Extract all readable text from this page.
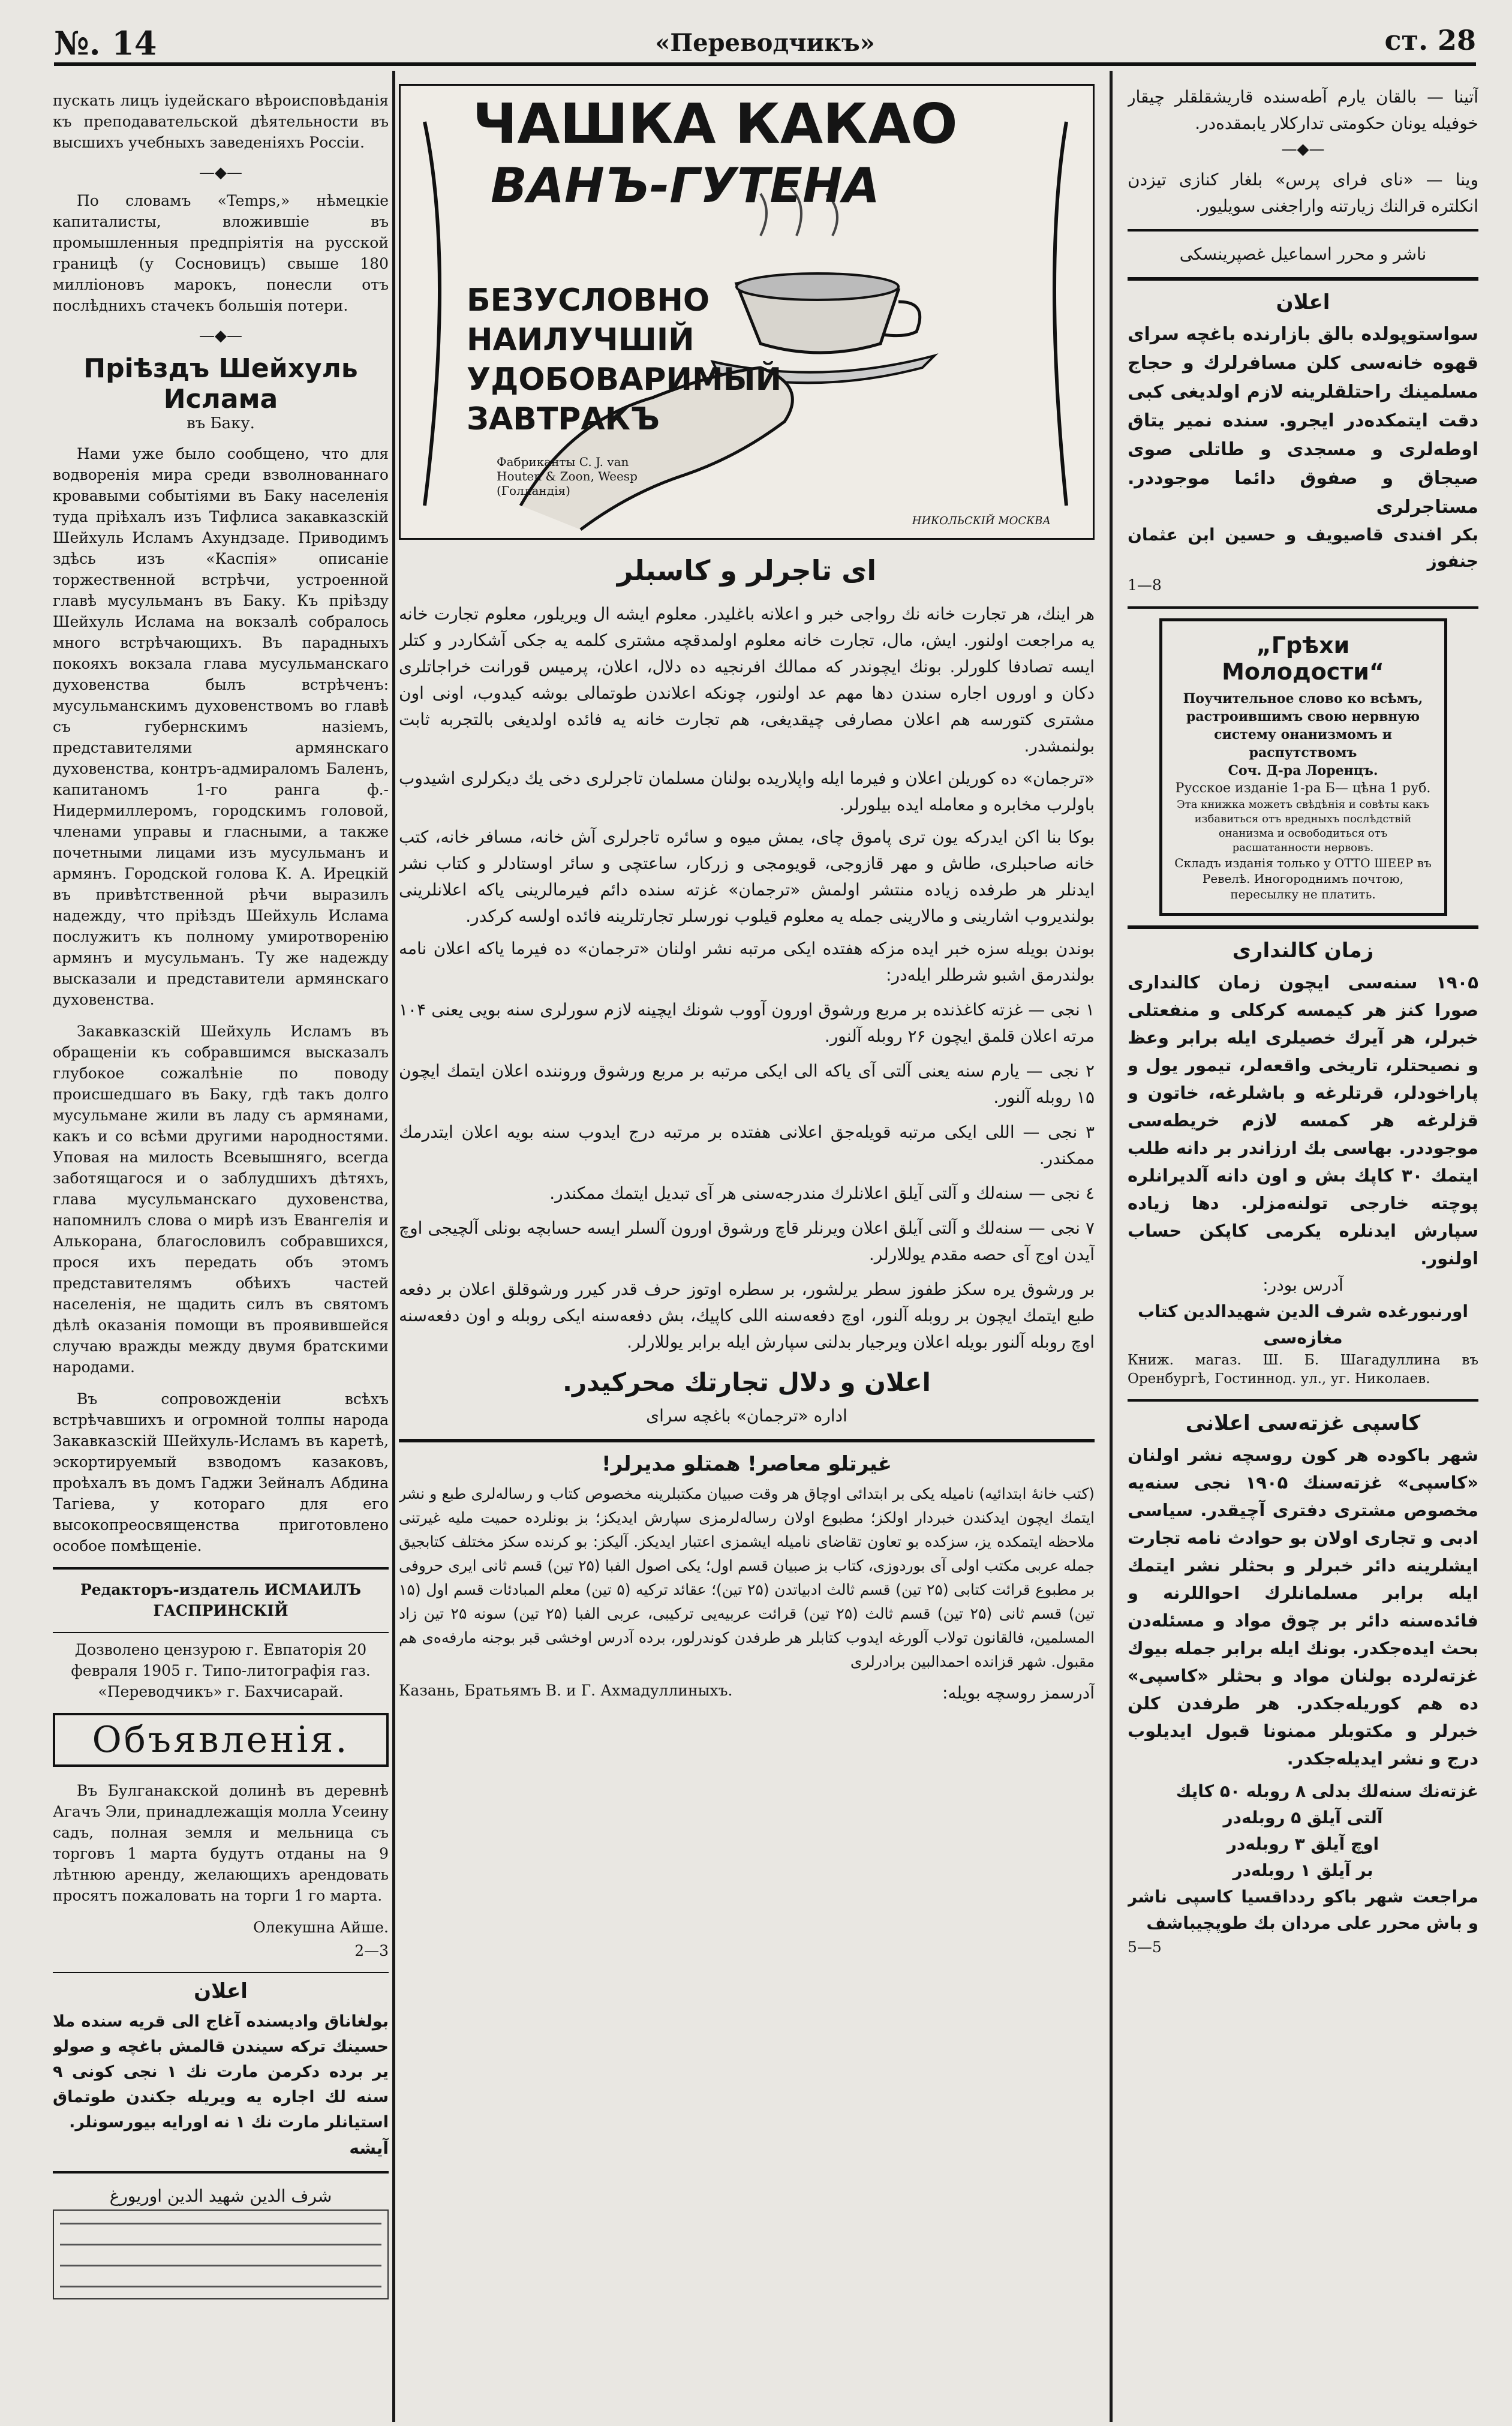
№. 14	«Переводчикъ»	ст. 28

пускать лицъ іудейскаго вѣроисповѣданія къ преподавательской дѣятельности въ высшихъ учебныхъ заведеніяхъ Россіи.

—◆—

По словамъ «Temps,» нѣмецкіе капиталисты, вложившіе въ промышленныя предпріятія на русской границѣ (у Сосновицъ) свыше 180 милліоновъ марокъ, понесли отъ послѣднихъ стачекъ большія потери.

—◆—
Пріѣздъ Шейхуль Ислама
въ Баку.

Нами уже было сообщено, что для водворенія мира среди взволнованнаго кровавыми событіями въ Баку населенія туда пріѣхалъ изъ Тифлиса закавказскій Шейхуль Исламъ Ахундзаде. Приводимъ здѣсь изъ «Каспія» описаніе торжественной встрѣчи, устроенной главѣ мусульманъ въ Баку. Къ пріѣзду Шейхуль Ислама на вокзалѣ собралось много встрѣчающихъ. Въ парадныхъ покояхъ вокзала глава мусульманскаго духовенства былъ встрѣченъ: мусульманскимъ духовенствомъ во главѣ съ губернскимъ назіемъ, представителями армянскаго духовенства, контръ-адмираломъ Баленъ, капитаномъ 1-го ранга ф.-Нидермиллеромъ, городскимъ головой, членами управы и гласными, а также почетными лицами изъ мусульманъ и армянъ. Городской голова К. А. Ирецкій въ привѣтственной рѣчи выразилъ надежду, что пріѣздъ Шейхуль Ислама послужитъ къ полному умиротворенію армянъ и мусульманъ. Ту же надежду высказали и представители армянскаго духовенства.

Закавказскій Шейхуль Исламъ въ обращеніи къ собравшимся высказалъ глубокое сожалѣніе по поводу происшедшаго въ Баку, гдѣ такъ долго мусульмане жили въ ладу съ армянами, какъ и со всѣми другими народностями. Уповая на милость Всевышняго, всегда заботящагося и о заблудшихъ дѣтяхъ, глава мусульманскаго духовенства, напомнилъ слова о мирѣ изъ Евангелія и Алькорана, благословилъ собравшихся, прося ихъ передать объ этомъ представителямъ обѣихъ частей населенія, не щадить силъ въ святомъ дѣлѣ оказанія помощи въ проявившейся случаю вражды между двумя братскими народами.

Въ сопровожденіи всѣхъ встрѣчавшихъ и огромной толпы народа Закавказскій Шейхуль-Исламъ въ каретѣ, эскортируемый взводомъ казаковъ, проѣхалъ въ домъ Гаджи Зейналъ Абдина Тагіева, у котораго для его высокопреосвященства приготовлено особое помѣщеніе.

Редакторъ-издатель ИСМАИЛЪ ГАСПРИНСКІЙ

Дозволено цензурою г. Евпаторія 20 февраля 1905 г. Типо-литографія газ. «Переводчикъ» г. Бахчисарай.

Объявленія.

Въ Булганакской долинѣ въ деревнѣ Агачъ Эли, принадлежащія молла Усеину садъ, полная земля и мельница съ торговъ 1 марта будутъ отданы на 9 лѣтнюю аренду, желающихъ арендовать просятъ пожаловать на торги 1 го марта.

Олекушна Айше.

2—3

اعلان

بولغاناق وادیسنده آغاج الی قریه سنده ملا حسینك ترکه سیندن قالمش باغچه و صولو یر برده دکرمن مارت نك ۱ نجی کونی ۹ سنه لك اجاره یه ویریله جکندن طوتماق استیانلر مارت نك ۱ نه اورایه بیورسونلر.

آیشه

شرف الدين شهيد الدين اوريورغ

ЧАШКА КАКАО
ВАНЪ-ГУТЕНА
БЕЗУСЛОВНО
НАИЛУЧШІЙ
УДОБОВАРИМЫЙ
ЗАВТРАКЪ
Фабриканты C. J. van Houten & Zoon, Weesp (Голландія)
НИКОЛЬСКІЙ МОСКВА
ای تاجرلر و کاسبلر

هر اینك، هر تجارت خانه نك رواجی خبر و اعلانه باغلیدر. معلوم ایشه ال ویریلور، معلوم تجارت خانه یه مراجعت اولنور. ایش، مال، تجارت خانه معلوم اولمدقچه مشتری کلمه یه جکی آشکاردر و کتلر ایسه تصادفا کلورلر. بونك ایچوندر که ممالك افرنجیه ده دلال، اعلان، پرمیس قورانت خراجاتلری دکان و اوروں اجاره سندن دها مهم عد اولنور، چونکه اعلاندن طوتمالی بوشه کیدوب، اونی اون مشتری کتورسه هم اعلان مصارفی چیقدیغی، هم تجارت خانه یه فائده اولدیغی بالتجربه ثابت بولنمشدر.

«ترجمان» ده کوریلن اعلان و فیرما ایله واپلاریده بولنان مسلمان تاجرلری دخی یك دیکرلری اشیدوب باولرب مخابره و معامله ایده بیلورلر.

بوکا بنا اکن ایدرکه یون تری پاموق چای، یمش میوه و سائره تاجرلری آش خانه، مسافر خانه، کتب خانه صاحبلری، طاش و مهر قازوجی، قویومجی و زرکار، ساعتچی و سائر اوستادلر و کتاب نشر ایدنلر هر طرفده زیاده منتشر اولمش «ترجمان» غزته سنده دائم فیرمالرینی یاکه اعلانلرینی بولندیروب اشارینی و مالارینی جمله یه معلوم قیلوب نورسلر تجارتلرینه فائده اولسه کرکدر.

بوندن بویله سزه خبر ایده مزکه هفتده ایکی مرتبه نشر اولنان «ترجمان» ده فیرما یاکه اعلان نامه بولندرمق اشبو شرطلر ایله‌در:

۱ نجی — غزته کاغذنده بر مربع ورشوق اورون آووب شونك ایچینه لازم سورلری سنه بویی یعنی ۱۰۴ مرته اعلان قلمق ایچون ۲۶ روبله آلنور.

۲ نجی — یارم سنه یعنی آلتی آی یاکه الی ایکی مرتبه بر مربع ورشوق وروننده اعلان ایتمك ایچون ۱۵ روبله آلنور.

۳ نجی — اللی ایکی مرتبه قویله‌جق اعلانی هفتده بر مرتبه درج ایدوب سنه بویه اعلان ایتدرمك ممکندر.

٤ نجی — سنه‌لك و آلتی آیلق اعلانلرك مندرجه‌سنی هر آی تبدیل ایتمك ممکندر.

۷ نجی — سنه‌لك و آلتی آیلق اعلان ویرنلر قاچ ورشوق اورون آلسلر ایسه حسابچه بونلی آلچیجی اوچ آیدن اوج آی حصه مقدم یوللارلر.

بر ورشوق یره سکز طفوز سطر یرلشور، بر سطره اوتوز حرف قدر کیرر ورشوقلق اعلان بر دفعه طبع ایتمك ایچون بر روبله آلنور، اوچ دفعه‌سنه اللی کاپیك، بش دفعه‌سنه ایکی روبله و اون دفعه‌سنه اوچ روبله آلنور بویله اعلان ویرجیار بدلنی سپارش ایله برابر یوللارلر.

اعلان و دلال تجارتك محرکیدر.

اداره «ترجمان» باغچه سرای

غیرتلو معاصر! همتلو مدیرلر!

(کتب خانهٔ ابتدائیه) نامیله یکی بر ابتدائی اوچاق هر وقت صبیان مکتبلرینه مخصوص کتاب و رساله‌لری طبع و نشر ایتمك ایچون ایدکندن خبردار اولکز؛ مطبوع اولان رساله‌لرمزی سپارش ایدیکز؛ بز بونلرده حمیت ملیه غیرتنی ملاحظه ایتمکده یز، سزکده بو تعاون تقاضای نامیله ایشمزی اعتبار ایدیکز. آلیکز: بو کرنده سکز مختلف کتابجیق جمله عربی مکتب اولی آی بوردوزی، کتاب بز صبیان قسم اول؛ یکی اصول الفبا (۲۵ تین) قسم ثانی ایری حروفی بر مطبوع قرائت کتابی (۲۵ تین) قسم ثالث ادبیاتدن (۲۵ تین)؛ عقائد ترکیه (۵ تین) معلم المبادئات قسم اول (۱۵ تین) قسم ثانی (۲۵ تین) قسم ثالث (۲۵ تین) قرائت عربیه‌یی ترکیبی، عربی الفبا (۲۵ تین) سونه ۲۵ تین زاد المسلمین، فالقانون تولاب آلورغه ایدوب کتابلر هر طرفدن کوندرلور، برده آدرس اوخشی قبر بوجنه مارفه‌ه‌ی هم مقبول. شهر قزانده احمدالبین برادرلری

Казань, Братьямъ В. и Г. Ахмадуллиныхъ.	آدرسمز روسچه بویله:

آتینا — بالقان یارم آطه‌سنده قاریشقلقلر چیقار خوفیله یونان حکومتی تدارکلار یابمقده‌در.

—◆—

وینا — «نای فرای پرس» بلغار کنازی تیزدن انکلتره قرالنك زیارتنه واراجغنی سویلیور.

ناشر و محرر اسماعیل غصپرینسکی

اعلان

سواستوپولده بالق بازارنده باغچه سرای قهوه خانه‌سی کلن مسافرلرك و حجاج مسلمینك راحتلقلرینه لازم اولدیغی کبی دقت ایتمکده‌در ایجرو. سنده نمیر یتاق اوطه‌لری و مسجدی و طاتلی صوی صیجاق و صفوق دائما موجوددر. مستاجرلری

بکر افندی قاصیویف و حسین ابن عثمان جنفوز

1—8

„Грѣхи Молодости“
Поучительное слово ко всѣмъ, растроившимъ свою нервную систему онанизмомъ и распутствомъ
Соч. Д-ра Лоренцъ.
Русское изданіе 1-ра Б— цѣна 1 руб.
Эта книжка можетъ свѣдѣнія и совѣты какъ избавиться отъ вредныхъ послѣдствій онанизма и освободиться отъ расшатанности нервовъ.
Складъ изданія только у ОТТО ШЕЕР въ Ревелѣ. Иногороднимъ почтою, пересылку не платить.
زمان کالنداری

۱۹۰۵ سنه‌سی ایچون زمان کالنداری صورا کنز هر کیمسه کرکلی و منفعتلی خبرلر، هر آیرك خصیلری ایله برابر وعظ و نصیحتلر، تاریخی واقعه‌لر، تیمور یول و پاراخودلر، قرتلرغه و باشلرغه، خاتون و قزلرغه هر کمسه لازم خریطه‌سی موجوددر. بهاسی بك ارزاندر بر دانه طلب ایتمك ۳۰ کاپك بش و اون دانه آلدیرانلره پوچته خارجی تولنه‌مزلر. دها زیاده سپارش ایدنلره یکرمی کاپکن حساب اولنور.

آدرس بودر:

اورنبورغده شرف الدین شهیدالدین کتاب مغازه‌سی

Книж. магаз. Ш. Б. Шагадуллина въ Оренбургѣ, Гостиннод. ул., уг. Николаев.

کاسپی غزته‌سی اعلانی

شهر باکوده هر کون روسچه نشر اولنان «کاسپی» غزته‌سنك ۱۹۰۵ نجی سنه‌یه مخصوص مشتری دفتری آچیقدر. سیاسی ادبی و تجاری اولان بو حوادث نامه تجارت ایشلرینه دائر خبرلر و بحثلر نشر ایتمك ایله برابر مسلمانلرك احواللرنه و فائده‌سنه دائر بر چوق مواد و مسئله‌دن بحث ایده‌جکدر. بونك ایله برابر جمله بیوك غزته‌لرده بولنان مواد و بحثلر «کاسپی» ده هم کوریله‌جکدر. هر طرفدن کلن خبرلر و مکتوبلر ممنونا قبول ایدیلوب درج و نشر ایدیله‌جکدر.

غزته‌نك سنه‌لك بدلی ۸ روبله ۵۰ کاپك

آلتی آیلق ۵ روبله‌در

اوچ آیلق ۳ روبله‌در

بر آیلق ۱ روبله‌در

مراجعت شهر باکو ردداقسیا کاسپی ناشر و باش محرر علی مردان بك طوپچیباشف

5—5
